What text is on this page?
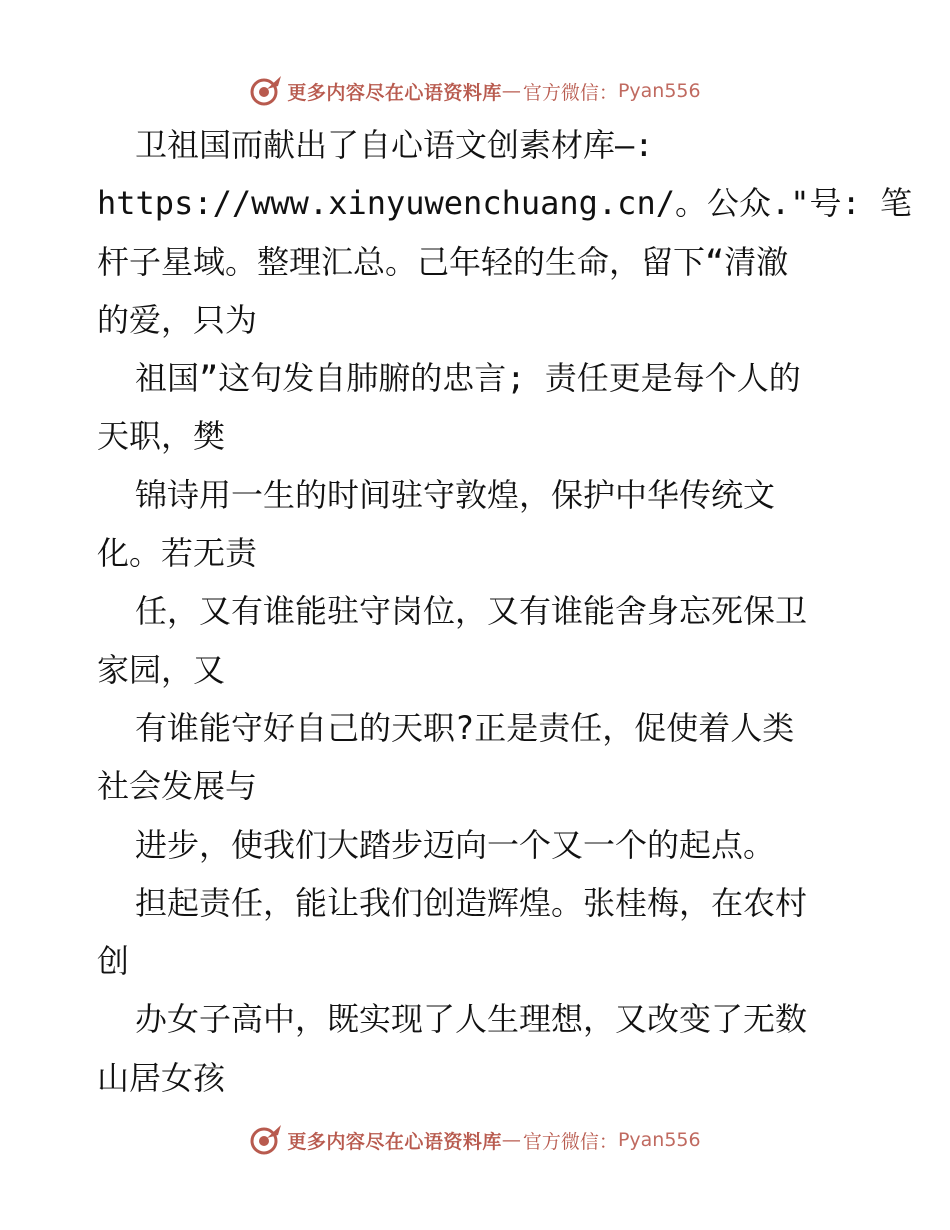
更多内容尽在心语资料库 — 官方微信： Pyan556
卫祖国而献出了自心语文创素材库—:
https://www.xinyuwenchuang.cn/。公众."号: 笔
杆子星域。整理汇总。己年轻的生命，留下“清澈
的爱，只为
祖国”这句发自肺腑的忠言; 责任更是每个人的
天职，樊
锦诗用一生的时间驻守敦煌，保护中华传统文
化。若无责
任，又有谁能驻守岗位，又有谁能舍身忘死保卫
家园，又
有谁能守好自己的天职?正是责任，促使着人类
社会发展与
进步，使我们大踏步迈向一个又一个的起点。
担起责任，能让我们创造辉煌。张桂梅，在农村
创
办女子高中，既实现了人生理想，又改变了无数
山居女孩
更多内容尽在心语资料库 — 官方微信： Pyan556
